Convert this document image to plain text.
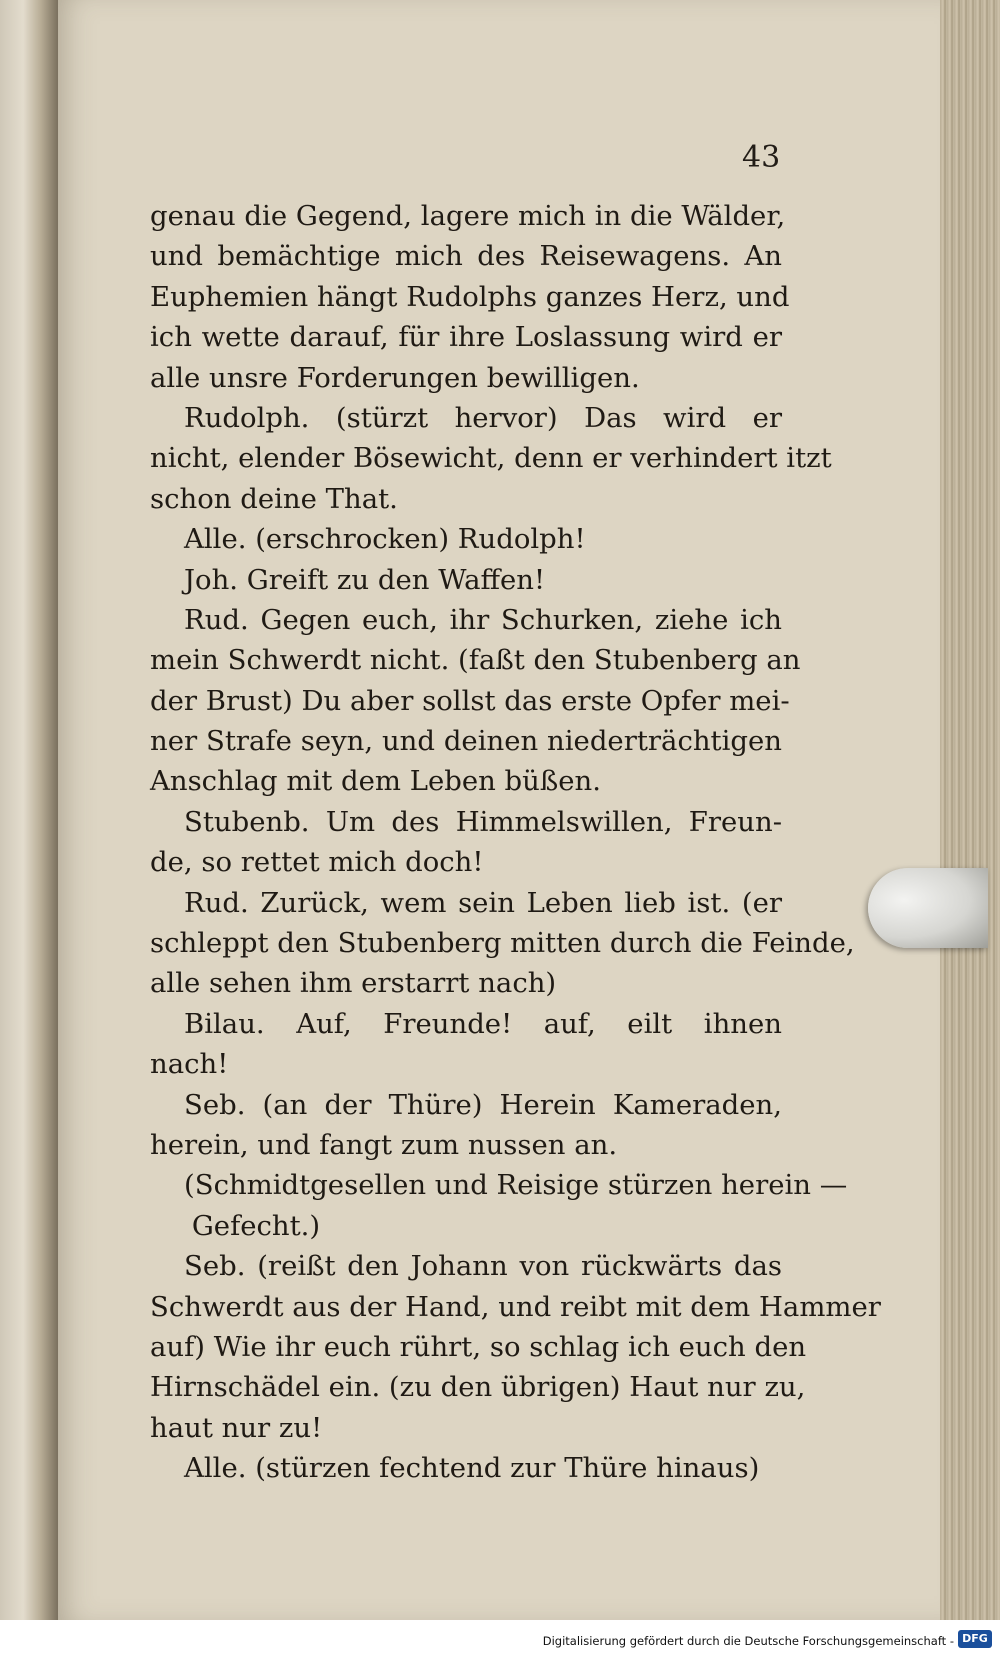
43
genau die Gegend, lagere mich in die Wälder,
und bemächtige mich des Reisewagens. An
Euphemien hängt Rudolphs ganzes Herz, und
ich wette darauf, für ihre Loslassung wird er
alle unsre Forderungen bewilligen.
Rudolph. (stürzt hervor) Das wird er
nicht, elender Bösewicht, denn er verhindert itzt
schon deine That.
Alle. (erschrocken) Rudolph!
Joh. Greift zu den Waffen!
Rud. Gegen euch, ihr Schurken, ziehe ich
mein Schwerdt nicht. (faßt den Stubenberg an
der Brust) Du aber sollst das erste Opfer mei-
ner Strafe seyn, und deinen niederträchtigen
Anschlag mit dem Leben büßen.
Stubenb. Um des Himmelswillen, Freun-
de, so rettet mich doch!
Rud. Zurück, wem sein Leben lieb ist. (er
schleppt den Stubenberg mitten durch die Feinde,
alle sehen ihm erstarrt nach)
Bilau. Auf, Freunde! auf, eilt ihnen
nach!
Seb. (an der Thüre) Herein Kameraden,
herein, und fangt zum nussen an.
(Schmidtgesellen und Reisige stürzen herein —
Gefecht.)
Seb. (reißt den Johann von rückwärts das
Schwerdt aus der Hand, und reibt mit dem Hammer
auf) Wie ihr euch rührt, so schlag ich euch den
Hirnschädel ein. (zu den übrigen) Haut nur zu,
haut nur zu!
Alle. (stürzen fechtend zur Thüre hinaus)
Digitalisierung gefördert durch die Deutsche Forschungsgemeinschaft - DFG
